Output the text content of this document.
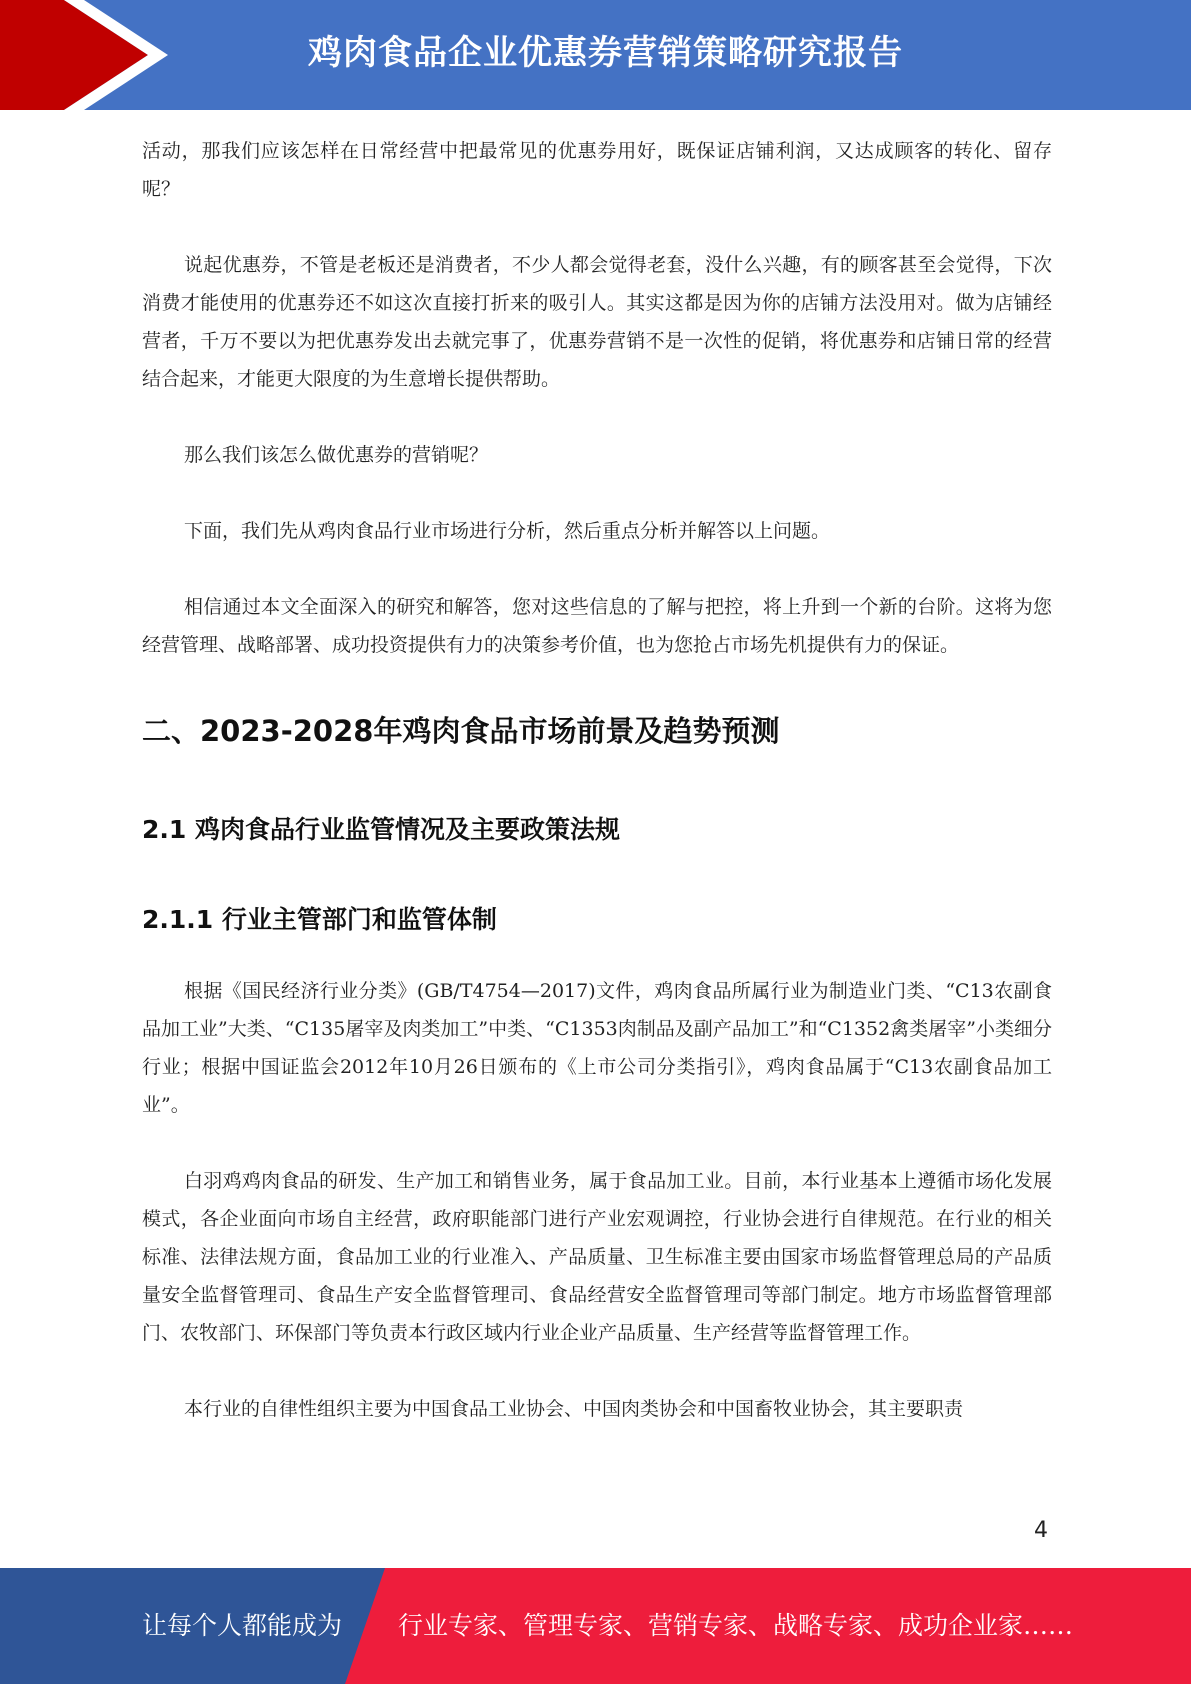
鸡肉食品企业优惠券营销策略研究报告

活动，那我们应该怎样在日常经营中把最常见的优惠券用好，既保证店铺利润，又达成顾客的转化、留存呢？

说起优惠券，不管是老板还是消费者，不少人都会觉得老套，没什么兴趣，有的顾客甚至会觉得，下次消费才能使用的优惠券还不如这次直接打折来的吸引人。其实这都是因为你的店铺方法没用对。做为店铺经营者，千万不要以为把优惠券发出去就完事了，优惠券营销不是一次性的促销，将优惠券和店铺日常的经营结合起来，才能更大限度的为生意增长提供帮助。

那么我们该怎么做优惠券的营销呢？

下面，我们先从鸡肉食品行业市场进行分析，然后重点分析并解答以上问题。

相信通过本文全面深入的研究和解答，您对这些信息的了解与把控，将上升到一个新的台阶。这将为您经营管理、战略部署、成功投资提供有力的决策参考价值，也为您抢占市场先机提供有力的保证。

二、2023-2028年鸡肉食品市场前景及趋势预测
2.1 鸡肉食品行业监管情况及主要政策法规
2.1.1 行业主管部门和监管体制

根据《国民经济行业分类》(GB/T4754—2017)文件，鸡肉食品所属行业为制造业门类、“C13农副食品加工业”大类、“C135屠宰及肉类加工”中类、“C1353肉制品及副产品加工”和“C1352禽类屠宰”小类细分行业；根据中国证监会2012年10月26日颁布的《上市公司分类指引》，鸡肉食品属于“C13农副食品加工业”。

白羽鸡鸡肉食品的研发、生产加工和销售业务，属于食品加工业。目前，本行业基本上遵循市场化发展模式，各企业面向市场自主经营，政府职能部门进行产业宏观调控，行业协会进行自律规范。在行业的相关标准、法律法规方面，食品加工业的行业准入、产品质量、卫生标准主要由国家市场监督管理总局的产品质量安全监督管理司、食品生产安全监督管理司、食品经营安全监督管理司等部门制定。地方市场监督管理部门、农牧部门、环保部门等负责本行政区域内行业企业产品质量、生产经营等监督管理工作。

本行业的自律性组织主要为中国食品工业协会、中国肉类协会和中国畜牧业协会，其主要职责

4
让每个人都能成为 行业专家、管理专家、营销专家、战略专家、成功企业家……
